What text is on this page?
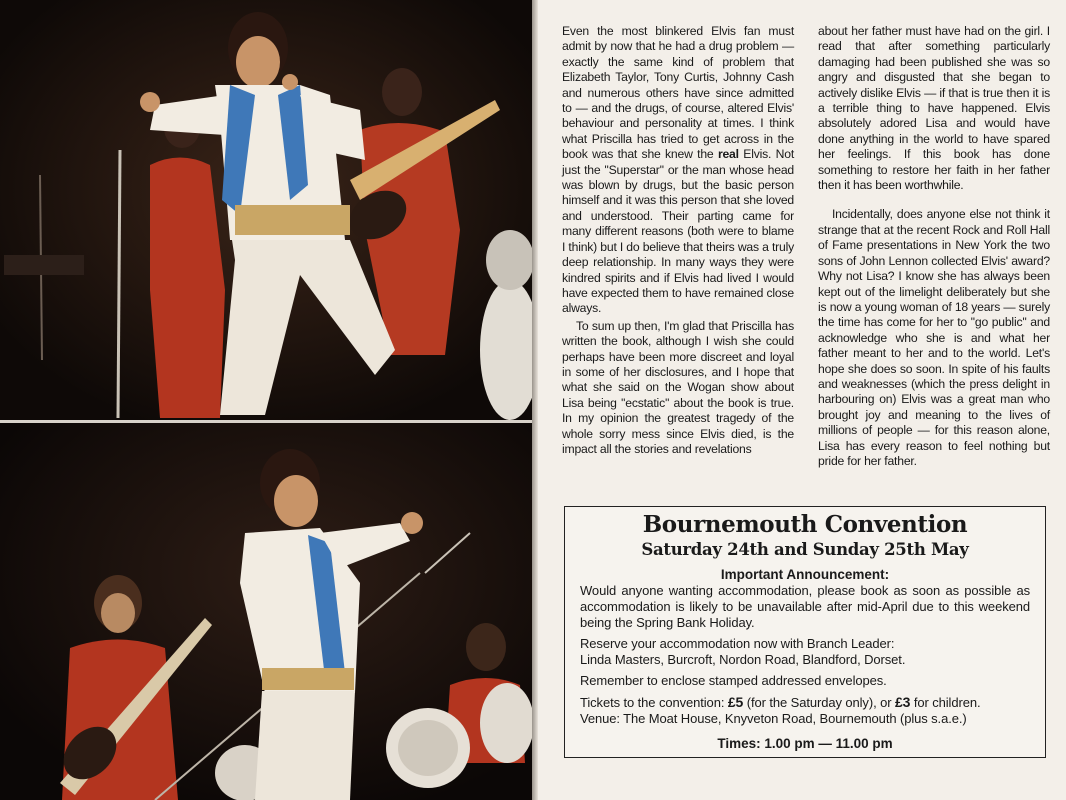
Even the most blinkered Elvis fan must admit by now that he had a drug problem — exactly the same kind of problem that Elizabeth Taylor, Tony Curtis, Johnny Cash and numerous others have since admitted to — and the drugs, of course, altered Elvis' behaviour and personality at times. I think what Priscilla has tried to get across in the book was that she knew the real Elvis. Not just the ''Superstar'' or the man whose head was blown by drugs, but the basic person himself and it was this person that she loved and understood. Their parting came for many different reasons (both were to blame I think) but I do believe that theirs was a truly deep relationship. In many ways they were kindred spirits and if Elvis had lived I would have expected them to have remained close always.

To sum up then, I'm glad that Priscilla has written the book, although I wish she could perhaps have been more discreet and loyal in some of her disclosures, and I hope that what she said on the Wogan show about Lisa being ''ecstatic'' about the book is true. In my opinion the greatest tragedy of the whole sorry mess since Elvis died, is the impact all the stories and revelations

about her father must have had on the girl. I read that after something particularly damaging had been published she was so angry and disgusted that she began to actively dislike Elvis — if that is true then it is a terrible thing to have happened. Elvis absolutely adored Lisa and would have done anything in the world to have spared her feelings. If this book has done something to restore her faith in her father then it has been worthwhile.

Incidentally, does anyone else not think it strange that at the recent Rock and Roll Hall of Fame presentations in New York the two sons of John Lennon collected Elvis' award? Why not Lisa? I know she has always been kept out of the limelight deliberately but she is now a young woman of 18 years — surely the time has come for her to ''go public'' and acknowledge who she is and what her father meant to her and to the world. Let's hope she does so soon. In spite of his faults and weaknesses (which the press delight in harbouring on) Elvis was a great man who brought joy and meaning to the lives of millions of people — for this reason alone, Lisa has every reason to feel nothing but pride for her father.

Bournemouth Convention
Saturday 24th and Sunday 25th May
Important Announcement:
Would anyone wanting accommodation, please book as soon as possible as accommodation is likely to be unavailable after mid-April due to this weekend being the Spring Bank Holiday.
Reserve your accommodation now with Branch Leader:
Linda Masters, Burcroft, Nordon Road, Blandford, Dorset.
Remember to enclose stamped addressed envelopes.
Tickets to the convention: £5 (for the Saturday only), or £3 for children.
Venue: The Moat House, Knyveton Road, Bournemouth (plus s.a.e.)
Times: 1.00 pm — 11.00 pm
